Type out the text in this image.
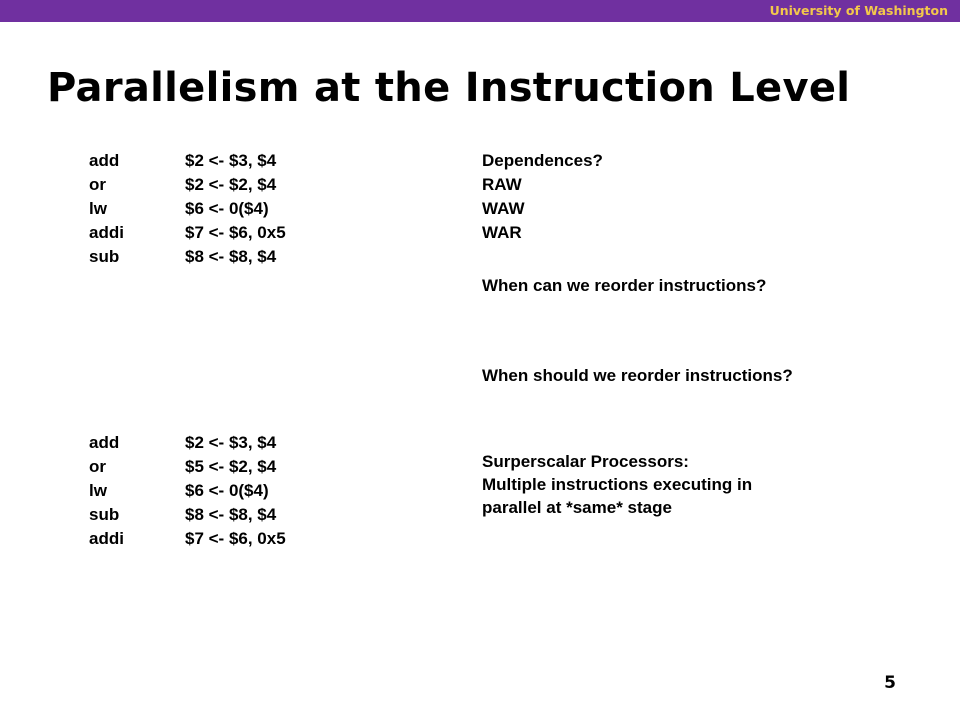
University of Washington
Parallelism at the Instruction Level
add	$2 <- $3, $4
or	$2 <- $2, $4
lw	$6 <- 0($4)
addi	$7 <- $6, 0x5
sub	$8 <- $8, $4
Dependences?
RAW
WAW
WAR
When can we reorder instructions?
When should we reorder instructions?
add	$2 <- $3, $4
or	$5 <- $2, $4
lw	$6 <- 0($4)
sub	$8 <- $8, $4
addi	$7 <- $6, 0x5
Surperscalar Processors:
Multiple instructions executing in
parallel at *same* stage
5
